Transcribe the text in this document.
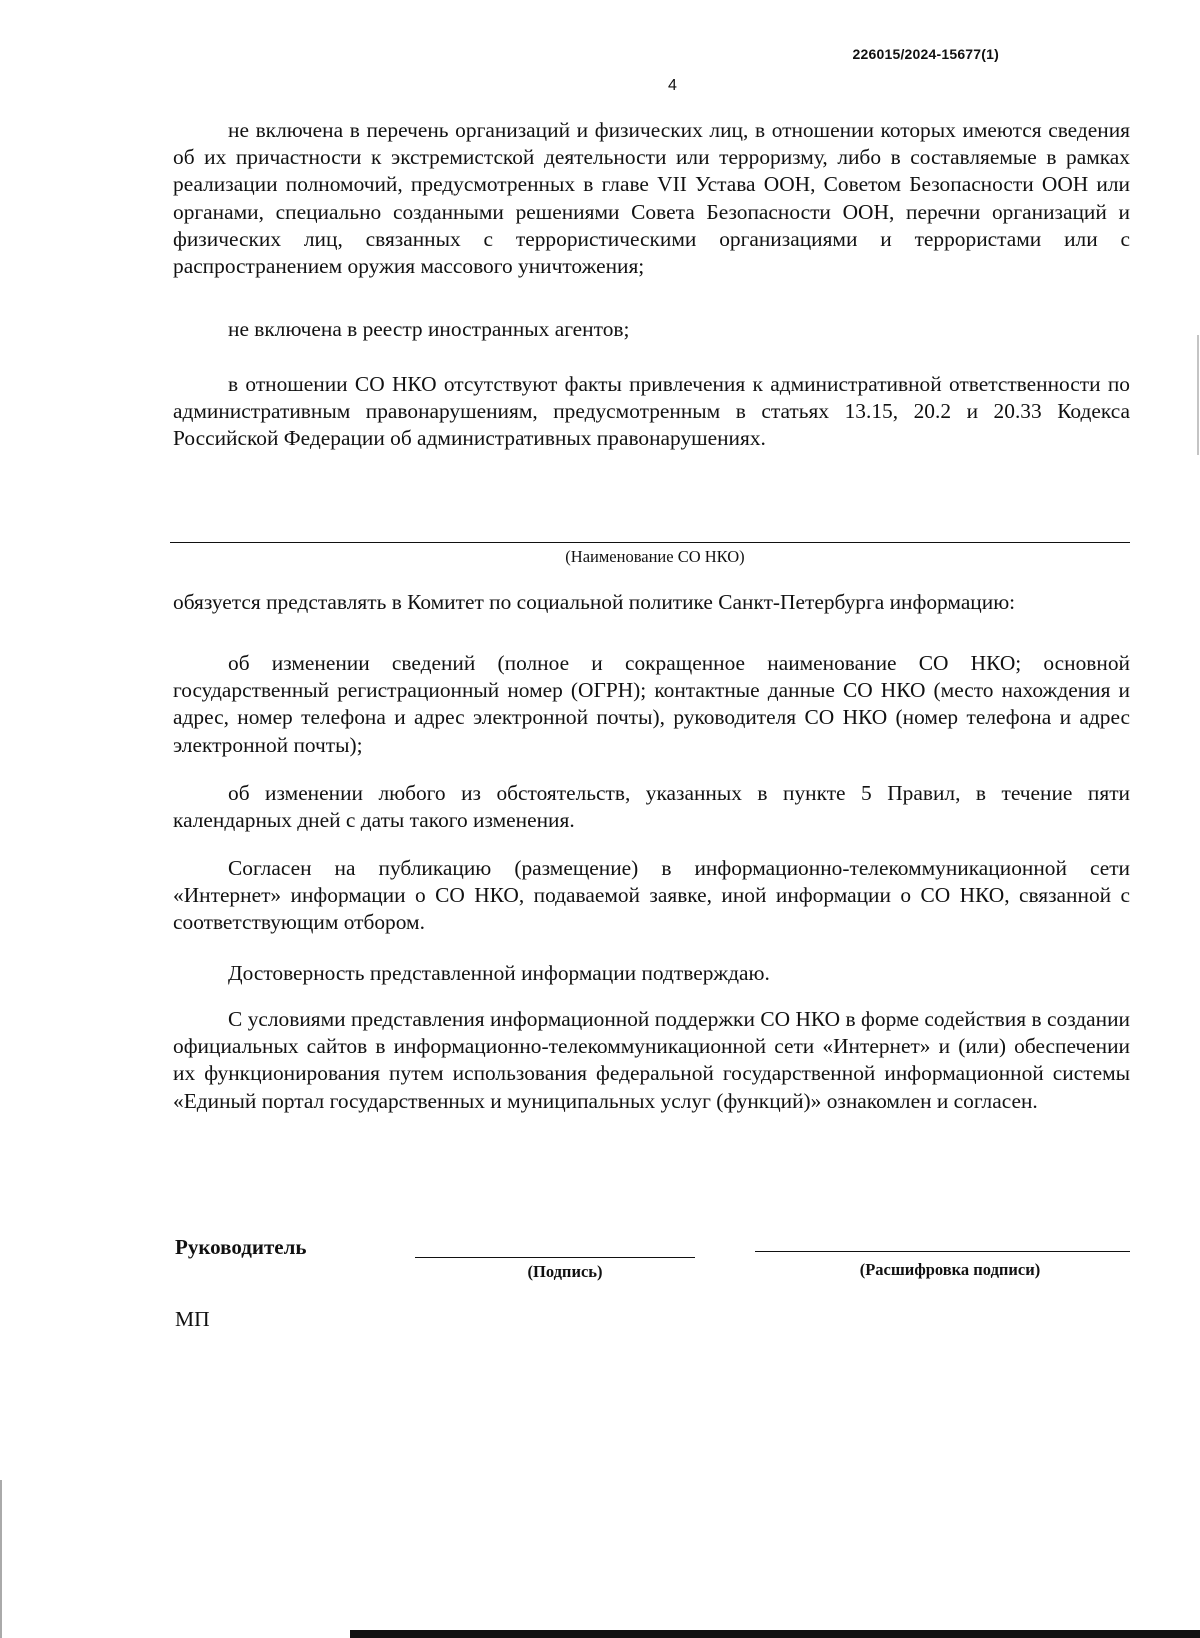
226015/2024-15677(1)
4

не включена в перечень организаций и физических лиц, в отношении которых имеются сведения об их причастности к экстремистской деятельности или терроризму, либо в составляемые в рамках реализации полномочий, предусмотренных в главе VII Устава ООН, Советом Безопасности ООН или органами, специально созданными решениями Совета Безопасности ООН, перечни организаций и физических лиц, связанных с террористическими организациями и террористами или с распространением оружия массового уничтожения;

не включена в реестр иностранных агентов;

в отношении СО НКО отсутствуют факты привлечения к административной ответственности по административным правонарушениям, предусмотренным в статьях 13.15, 20.2 и 20.33 Кодекса Российской Федерации об административных правонарушениях.

(Наименование СО НКО)

обязуется представлять в Комитет по социальной политике Санкт-Петербурга информацию:

об изменении сведений (полное и сокращенное наименование СО НКО; основной государственный регистрационный номер (ОГРН); контактные данные СО НКО (место нахождения и адрес, номер телефона и адрес электронной почты), руководителя СО НКО (номер телефона и адрес электронной почты);

об изменении любого из обстоятельств, указанных в пункте 5 Правил, в течение пяти календарных дней с даты такого изменения.

Согласен на публикацию (размещение) в информационно-телекоммуникационной сети «Интернет» информации о СО НКО, подаваемой заявке, иной информации о СО НКО, связанной с соответствующим отбором.

Достоверность представленной информации подтверждаю.

С условиями представления информационной поддержки СО НКО в форме содействия в создании официальных сайтов в информационно-телекоммуникационной сети «Интернет» и (или) обеспечении их функционирования путем использования федеральной государственной информационной системы «Единый портал государственных и муниципальных услуг (функций)» ознакомлен и согласен.

Руководитель
(Подпись)	(Расшифровка подписи)
МП
